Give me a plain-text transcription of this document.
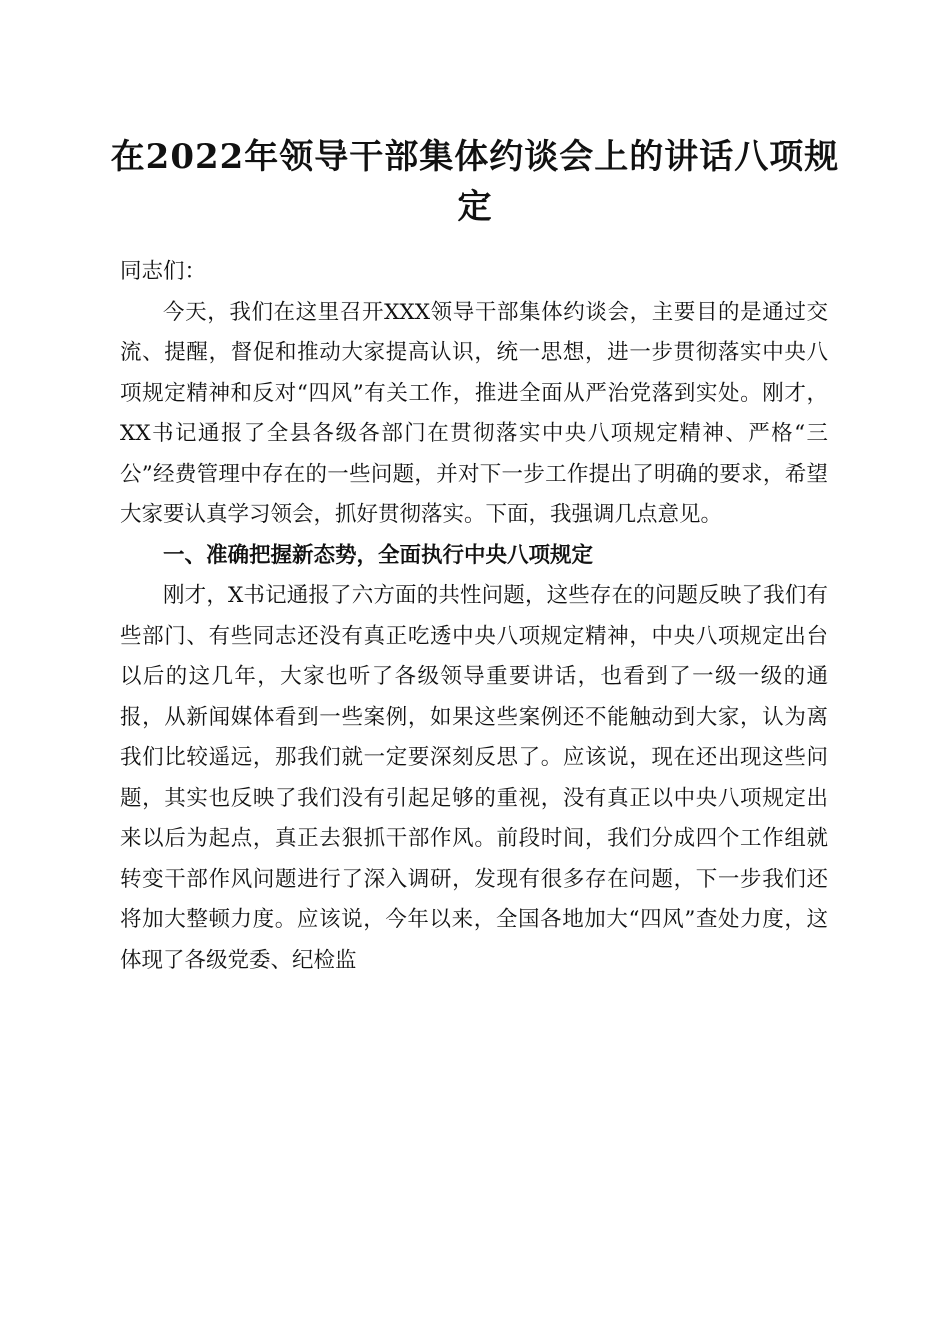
在2022年领导干部集体约谈会上的讲话八项规定

同志们：

今天，我们在这里召开XXX领导干部集体约谈会，主要目的是通过交流、提醒，督促和推动大家提高认识，统一思想，进一步贯彻落实中央八项规定精神和反对“四风”有关工作，推进全面从严治党落到实处。刚才，XX书记通报了全县各级各部门在贯彻落实中央八项规定精神、严格“三公”经费管理中存在的一些问题，并对下一步工作提出了明确的要求，希望大家要认真学习领会，抓好贯彻落实。下面，我强调几点意见。

一、准确把握新态势，全面执行中央八项规定

刚才，X书记通报了六方面的共性问题，这些存在的问题反映了我们有些部门、有些同志还没有真正吃透中央八项规定精神，中央八项规定出台以后的这几年，大家也听了各级领导重要讲话，也看到了一级一级的通报，从新闻媒体看到一些案例，如果这些案例还不能触动到大家，认为离我们比较遥远，那我们就一定要深刻反思了。应该说，现在还出现这些问题，其实也反映了我们没有引起足够的重视，没有真正以中央八项规定出来以后为起点，真正去狠抓干部作风。前段时间，我们分成四个工作组就转变干部作风问题进行了深入调研，发现有很多存在问题，下一步我们还将加大整顿力度。应该说，今年以来，全国各地加大“四风”查处力度，这体现了各级党委、纪检监
